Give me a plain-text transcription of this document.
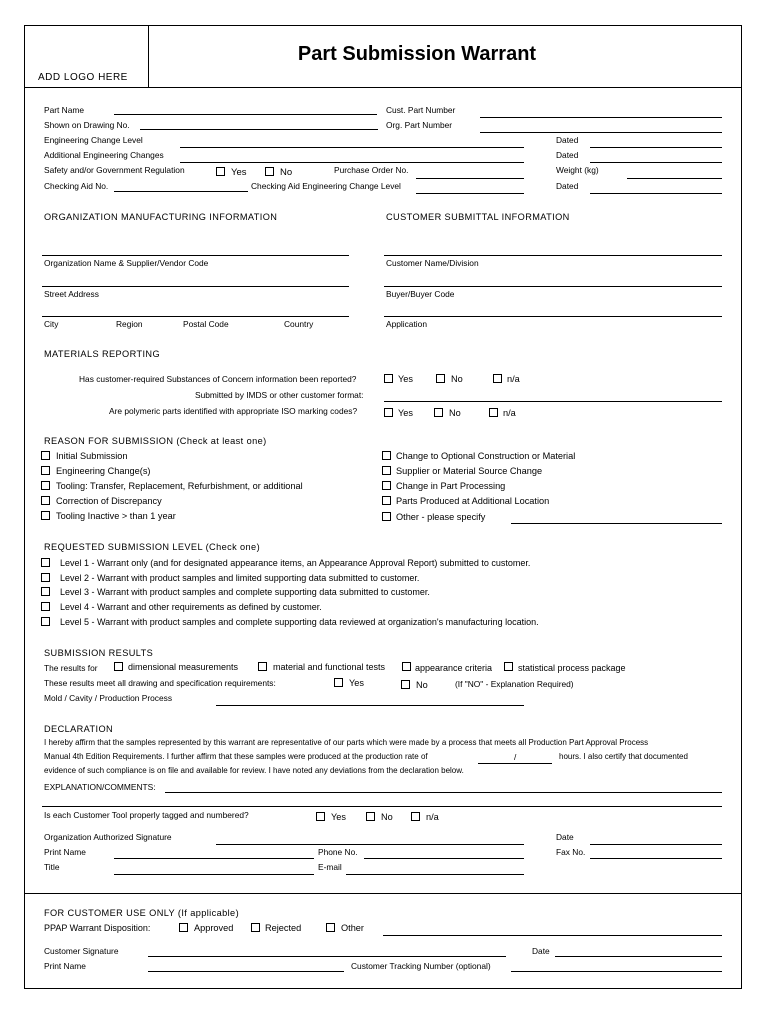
ADD LOGO HERE
Part Submission Warrant
Part Name	Cust. Part Number
Shown on Drawing No.	Org. Part Number
Engineering Change Level	Dated
Additional Engineering Changes	Dated
Safety and/or Government Regulation	Yes	No	Purchase Order No.	Weight (kg)
Checking Aid No.	Checking Aid Engineering Change Level	Dated
ORGANIZATION MANUFACTURING INFORMATION	CUSTOMER SUBMITTAL INFORMATION
Organization Name & Supplier/Vendor Code	Customer Name/Division
Street Address	Buyer/Buyer Code
City	Region	Postal Code	Country	Application
MATERIALS REPORTING
Has customer-required Substances of Concern information been reported?	Yes	No	n/a
Submitted by IMDS or other customer format:
Are polymeric parts identified with appropriate ISO marking codes?	Yes	No	n/a
REASON FOR SUBMISSION (Check at least one)
Initial Submission
Engineering Change(s)
Tooling: Transfer, Replacement, Refurbishment, or additional
Correction of Discrepancy
Tooling Inactive > than 1 year
Change to Optional Construction or Material
Supplier or Material Source Change
Change in Part Processing
Parts Produced at Additional Location
Other - please specify
REQUESTED SUBMISSION LEVEL (Check one)
Level 1 - Warrant only (and for designated appearance items, an Appearance Approval Report) submitted to customer.
Level 2 - Warrant with product samples and limited supporting data submitted to customer.
Level 3 - Warrant with product samples and complete supporting data submitted to customer.
Level 4 - Warrant and other requirements as defined by customer.
Level 5 - Warrant with product samples and complete supporting data reviewed at organization's manufacturing location.
SUBMISSION RESULTS
The results for	dimensional measurements	material and functional tests	appearance criteria	statistical process package
These results meet all drawing and specification requirements:	Yes	No	(If "NO" - Explanation Required)
Mold / Cavity / Production Process
DECLARATION
I hereby affirm that the samples represented by this warrant are representative of our parts which were made by a process that meets all Production Part Approval Process
Manual 4th Edition Requirements. I further affirm that these samples were produced at the production rate of	/	hours. I also certify that documented
evidence of such compliance is on file and available for review. I have noted any deviations from the declaration below.
EXPLANATION/COMMENTS:
Is each Customer Tool properly tagged and numbered?	Yes	No	n/a
Organization Authorized Signature	Date
Print Name	Phone No.	Fax No.
Title	E-mail
FOR CUSTOMER USE ONLY (If applicable)
PPAP Warrant Disposition:	Approved	Rejected	Other
Customer Signature	Date
Print Name	Customer Tracking Number (optional)
